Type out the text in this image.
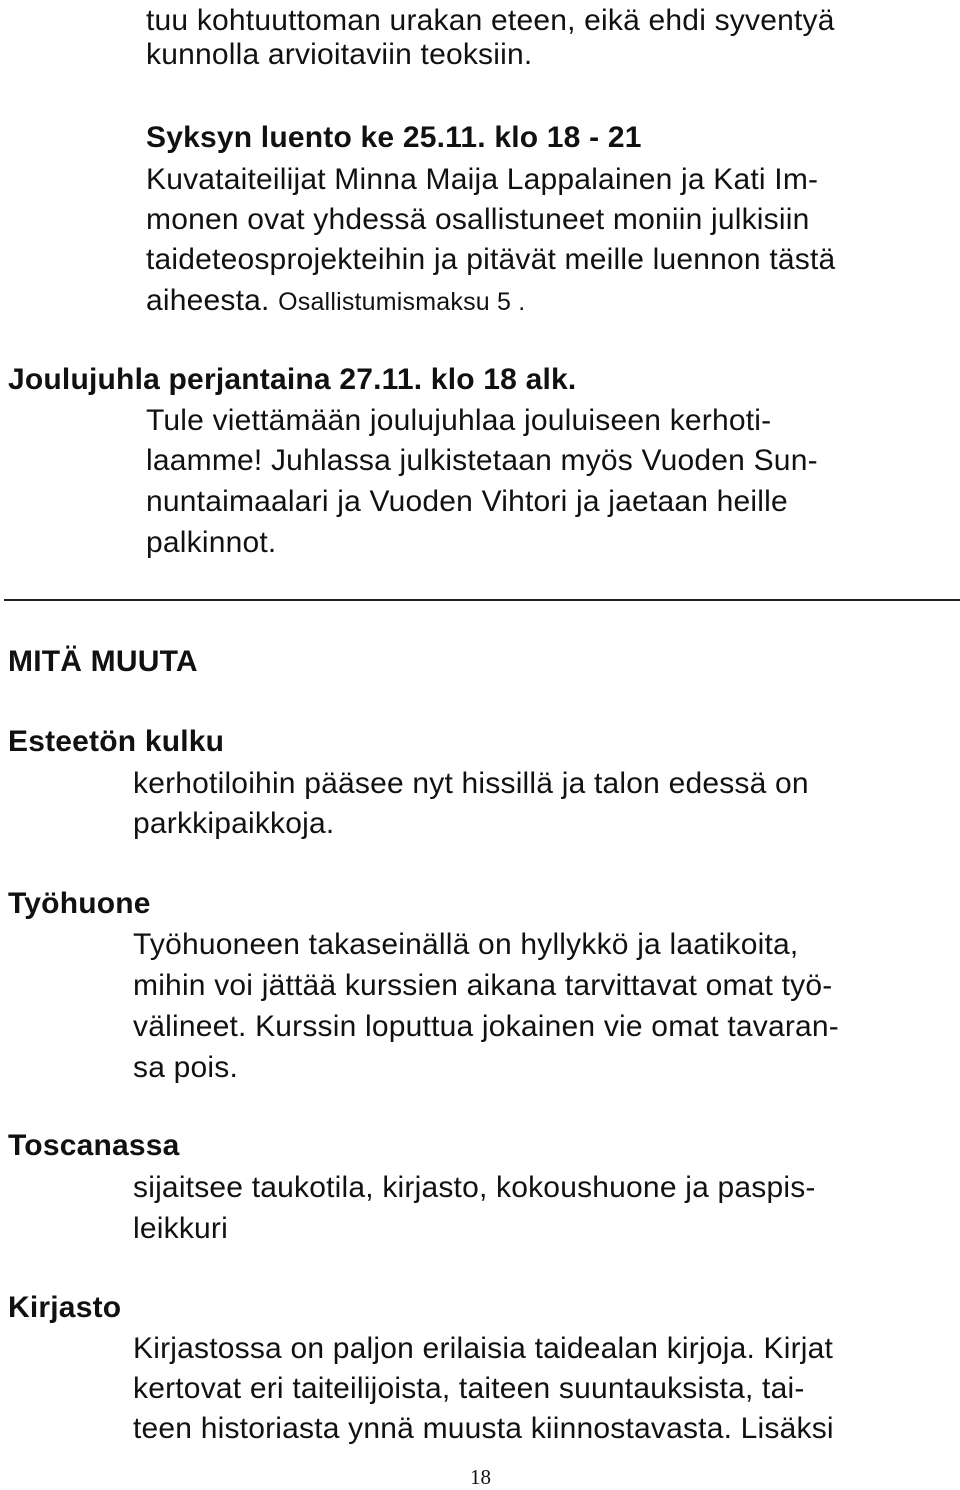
tuu kohtuuttoman urakan eteen, eikä ehdi syventyä
kunnolla arvioitaviin teoksiin.
Syksyn luento ke 25.11. klo 18 - 21
Kuvataiteilijat Minna Maija Lappalainen ja Kati Im-
monen ovat yhdessä osallistuneet moniin julkisiin
taideteosprojekteihin ja pitävät meille luennon tästä
aiheesta. Osallistumismaksu 5 .
Joulujuhla perjantaina 27.11. klo 18 alk.
Tule viettämään joulujuhlaa jouluiseen kerhoti-
laamme! Juhlassa julkistetaan myös Vuoden Sun-
nuntaimaalari ja Vuoden Vihtori ja jaetaan heille
palkinnot.
MITÄ MUUTA
Esteetön kulku
kerhotiloihin pääsee nyt hissillä ja talon edessä on
parkkipaikkoja.
Työhuone
Työhuoneen takaseinällä on hyllykkö ja laatikoita,
mihin voi jättää kurssien aikana tarvittavat omat työ-
välineet. Kurssin loputtua jokainen vie omat tavaran-
sa pois.
Toscanassa
sijaitsee taukotila, kirjasto, kokoushuone ja paspis-
leikkuri
Kirjasto
Kirjastossa on paljon erilaisia taidealan kirjoja. Kirjat
kertovat eri taiteilijoista, taiteen suuntauksista, tai-
teen historiasta ynnä muusta kiinnostavasta. Lisäksi
18
